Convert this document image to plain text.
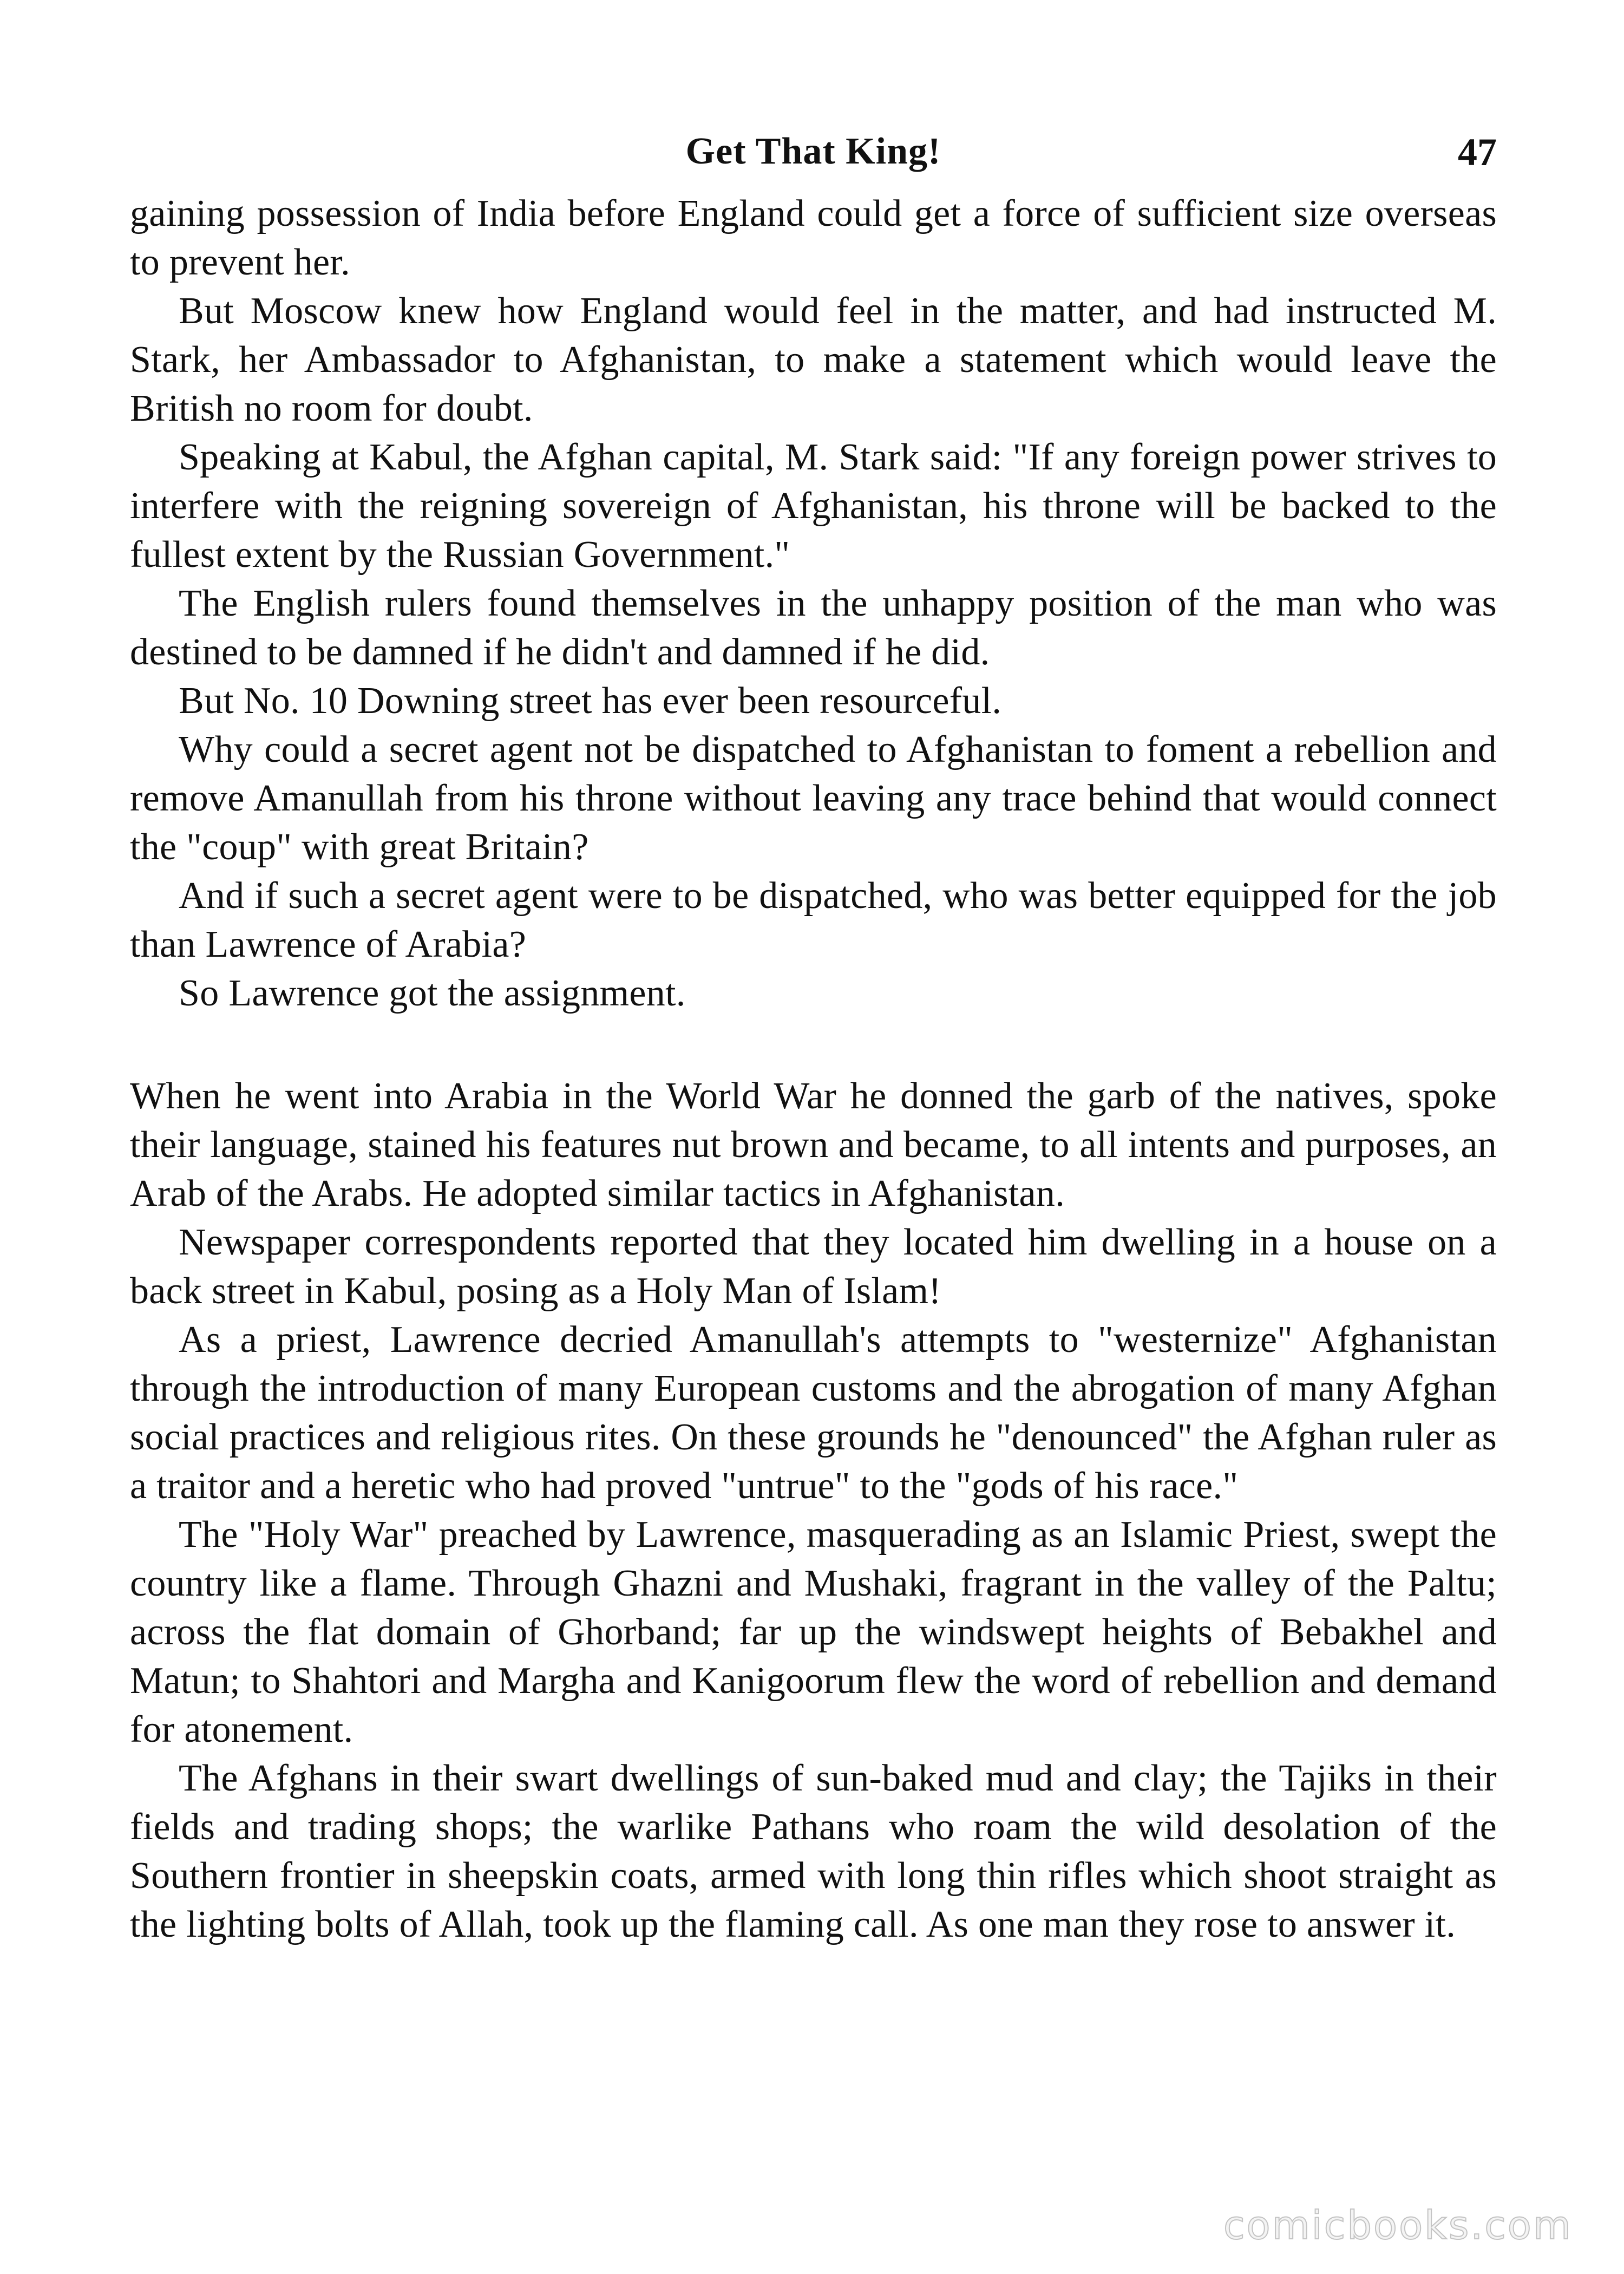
Get That King!	47

gaining possession of India before England could get a force of sufficient size overseas to prevent her.

But Moscow knew how England would feel in the matter, and had instructed M. Stark, her Ambassador to Afghanistan, to make a statement which would leave the British no room for doubt.

Speaking at Kabul, the Afghan capital, M. Stark said: "If any foreign power strives to interfere with the reigning sovereign of Afghanistan, his throne will be backed to the fullest extent by the Russian Government."

The English rulers found themselves in the unhappy position of the man who was destined to be damned if he didn't and damned if he did.

But No. 10 Downing street has ever been resourceful.

Why could a secret agent not be dispatched to Afghanistan to foment a rebellion and remove Amanullah from his throne without leaving any trace behind that would connect the "coup" with great Britain?

And if such a secret agent were to be dispatched, who was better equipped for the job than Lawrence of Arabia?

So Lawrence got the assignment.

When he went into Arabia in the World War he donned the garb of the natives, spoke their language, stained his features nut brown and became, to all intents and purposes, an Arab of the Arabs. He adopted similar tactics in Afghanistan.

Newspaper correspondents reported that they located him dwelling in a house on a back street in Kabul, posing as a Holy Man of Islam!

As a priest, Lawrence decried Amanullah's attempts to "westernize" Afghanistan through the introduction of many European customs and the abrogation of many Afghan social practices and religious rites. On these grounds he "denounced" the Afghan ruler as a traitor and a heretic who had proved "untrue" to the "gods of his race."

The "Holy War" preached by Lawrence, masquerading as an Islamic Priest, swept the country like a flame. Through Ghazni and Mushaki, fragrant in the valley of the Paltu; across the flat domain of Ghorband; far up the windswept heights of Bebakhel and Matun; to Shahtori and Margha and Kanigoorum flew the word of rebellion and demand for atonement.

The Afghans in their swart dwellings of sun-baked mud and clay; the Tajiks in their fields and trading shops; the warlike Pathans who roam the wild desolation of the Southern frontier in sheepskin coats, armed with long thin rifles which shoot straight as the lighting bolts of Allah, took up the flaming call. As one man they rose to answer it.

comicbooks.com
